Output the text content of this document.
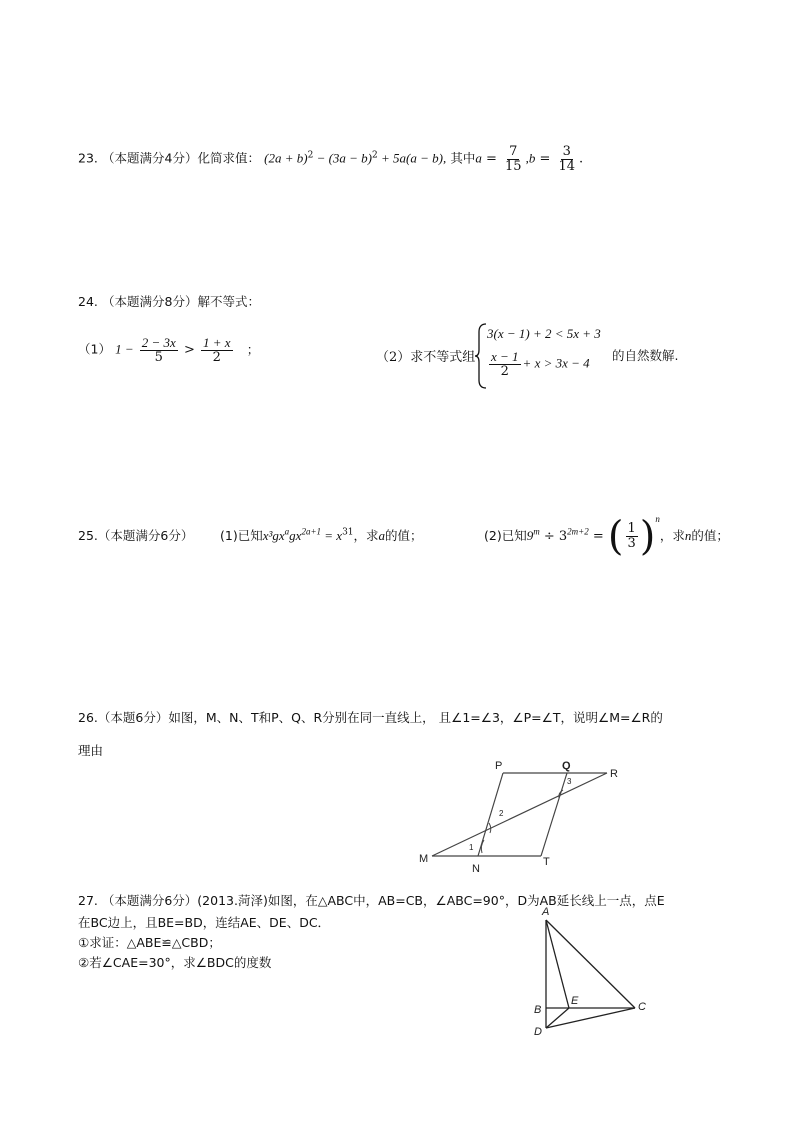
23. （本题满分4分）化简求值： $(2a + b)^2 - (3a - b)^2 + 5a(a - b)$, 其中$a = \frac{7}{15} ,b = \frac{3}{14}$ .
24. （本题满分8分）解不等式：
（1） $1 - \frac{2 - 3x}{5} > \frac{1 + x}{2}$ ；
（2）求不等式组
3(x − 1) + 2 < 5x + 3
$\frac{x - 1}{2} + x > 3x - 4$
的自然数解.
25.（本题满分6分） (1)已知$x^3gx^agx^{2a+1} = x^{31}$，求a的值；	(2)已知$9^m \div 3^{2m+2}$ = ( $\frac{1}{3} )^n$，求n的值；
26.（本题6分）如图，M、N、T和P、Q、R分别在同一直线上， 且∠1=∠3，∠P=∠T，说明∠M=∠R的
理由
P	Q
R
M
N
T
1
2
3
27. （本题满分6分）(2013.菏泽)如图，在△ABC中，AB=CB，∠ABC=90°，D为AB延长线上一点，点E
在BC边上，且BE=BD，连结AE、DE、DC．
①求证：△ABE≌△CBD；
②若∠CAE=30°，求∠BDC的度数
A
B	C
D
E
